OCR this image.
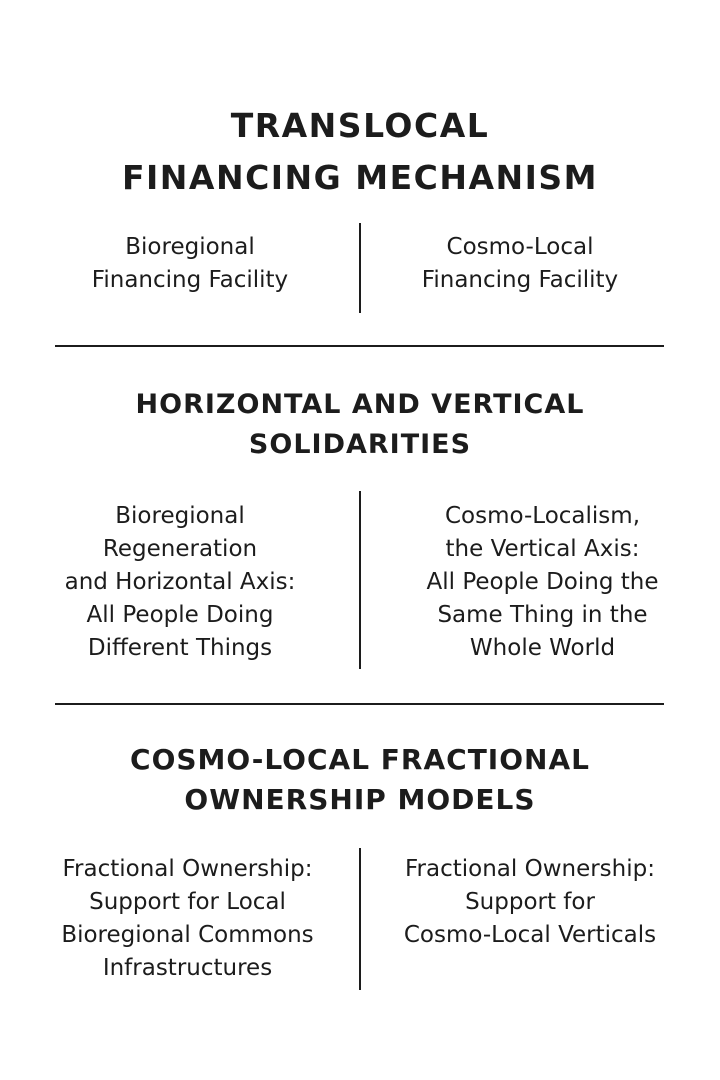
TRANSLOCAL
FINANCING MECHANISM
Bioregional
Financing Facility
Cosmo-Local
Financing Facility
HORIZONTAL AND VERTICAL
SOLIDARITIES
Bioregional
Regeneration
and Horizontal Axis:
All People Doing
Different Things
Cosmo-Localism,
the Vertical Axis:
All People Doing the
Same Thing in the
Whole World
COSMO-LOCAL FRACTIONAL
OWNERSHIP MODELS
Fractional Ownership:
Support for Local
Bioregional Commons
Infrastructures
Fractional Ownership:
Support for
Cosmo-Local Verticals
